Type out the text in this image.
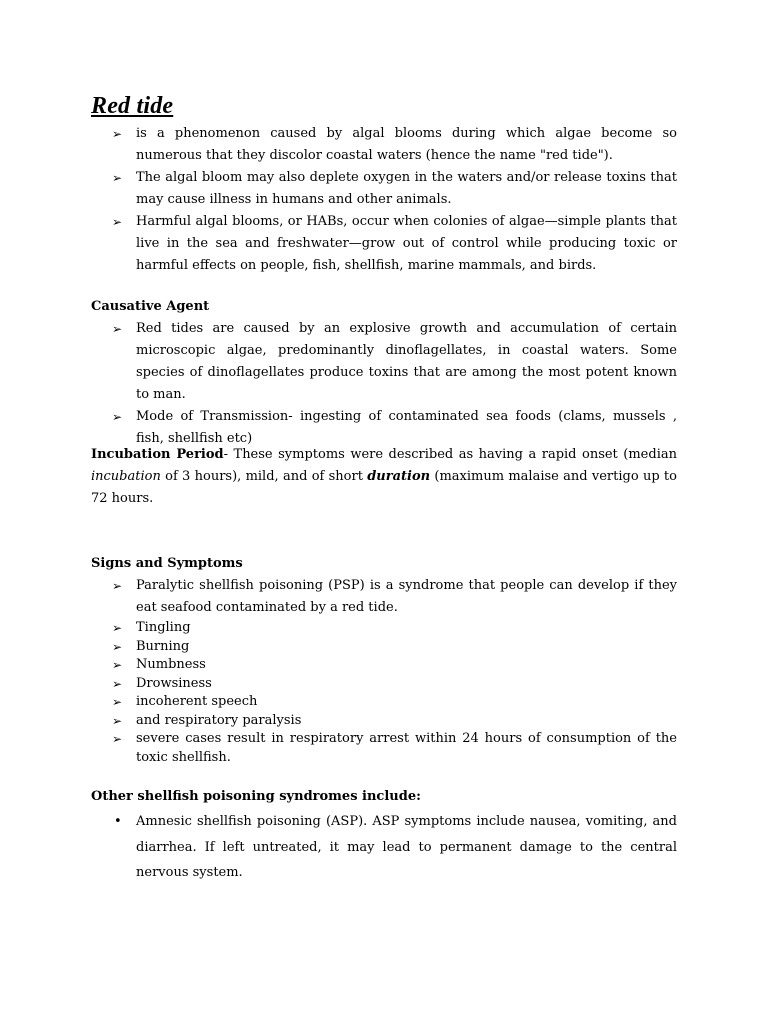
Red tide
➢ is a phenomenon caused by algal blooms during which algae become so numerous that they discolor coastal waters (hence the name "red tide").
➢ The algal bloom may also deplete oxygen in the waters and/or release toxins that may cause illness in humans and other animals.
➢ Harmful algal blooms, or HABs, occur when colonies of algae—simple plants that live in the sea and freshwater—grow out of control while producing toxic or harmful effects on people, fish, shellfish, marine mammals, and birds.
Causative Agent
➢ Red tides are caused by an explosive growth and accumulation of certain microscopic algae, predominantly dinoflagellates, in coastal waters. Some species of dinoflagellates produce toxins that are among the most potent known to man.
➢ Mode of Transmission- ingesting of contaminated sea foods (clams, mussels , fish, shellfish etc)

Incubation Period- These symptoms were described as having a rapid onset (median incubation of 3 hours), mild, and of short duration (maximum malaise and vertigo up to 72 hours.

Signs and Symptoms
➢ Paralytic shellfish poisoning (PSP) is a syndrome that people can develop if they eat seafood contaminated by a red tide.
➢ Tingling
➢ Burning
➢ Numbness
➢ Drowsiness
➢ incoherent speech
➢ and respiratory paralysis
➢ severe cases result in respiratory arrest within 24 hours of consumption of the toxic shellfish.
Other shellfish poisoning syndromes include:
• Amnesic shellfish poisoning (ASP). ASP symptoms include nausea, vomiting, and diarrhea. If left untreated, it may lead to permanent damage to the central nervous system.
